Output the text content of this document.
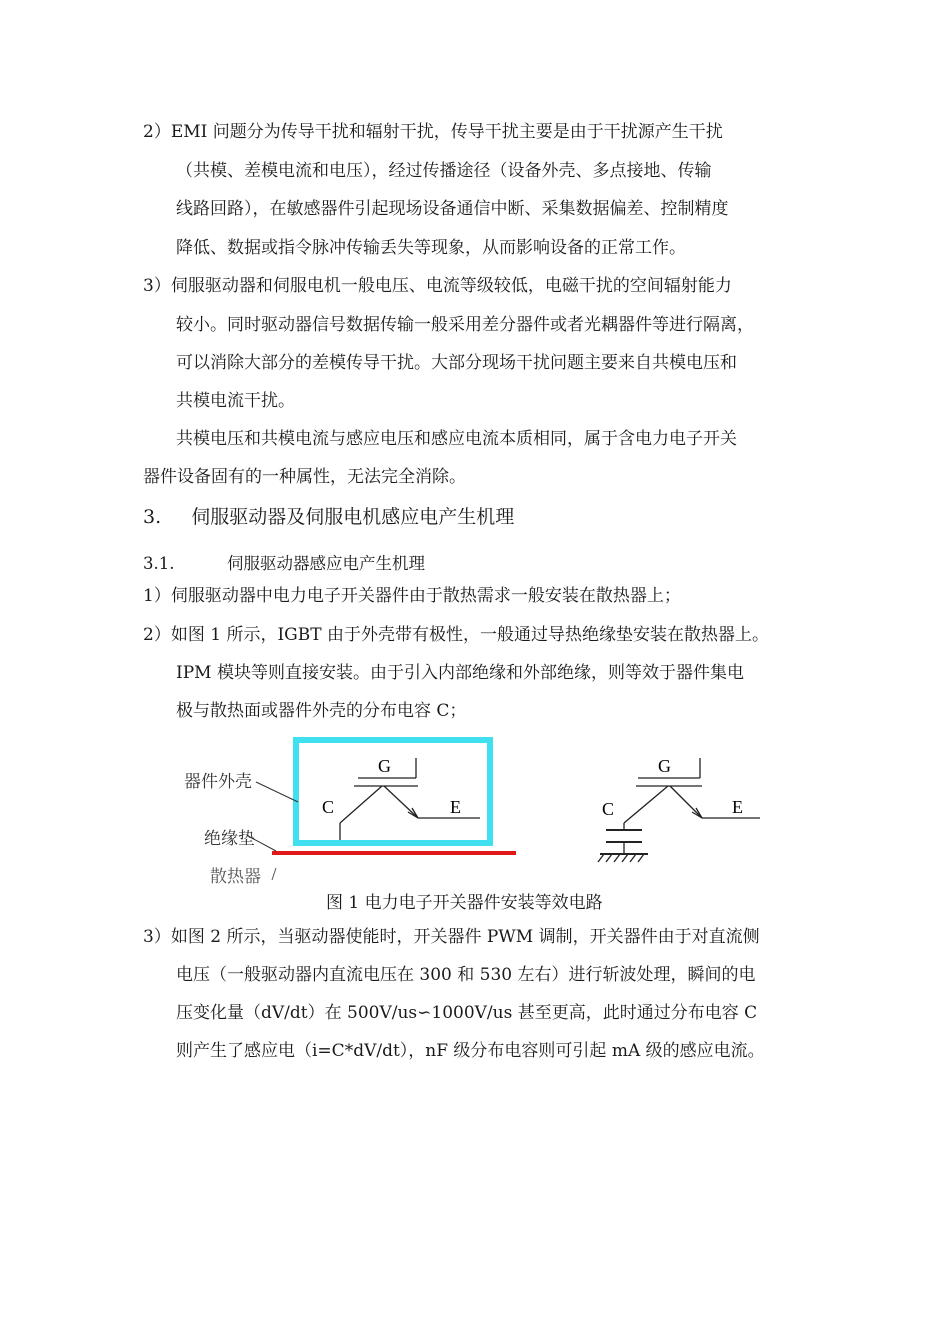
2）EMI 问题分为传导干扰和辐射干扰，传导干扰主要是由于干扰源产生干扰
（共模、差模电流和电压），经过传播途径（设备外壳、多点接地、传输
线路回路），在敏感器件引起现场设备通信中断、采集数据偏差、控制精度
降低、数据或指令脉冲传输丢失等现象，从而影响设备的正常工作。
3）伺服驱动器和伺服电机一般电压、电流等级较低，电磁干扰的空间辐射能力
较小。同时驱动器信号数据传输一般采用差分器件或者光耦器件等进行隔离，
可以消除大部分的差模传导干扰。大部分现场干扰问题主要来自共模电压和
共模电流干扰。
共模电压和共模电流与感应电压和感应电流本质相同，属于含电力电子开关
器件设备固有的一种属性，无法完全消除。
3. 伺服驱动器及伺服电机感应电产生机理
3.1.	伺服驱动器感应电产生机理
1）伺服驱动器中电力电子开关器件由于散热需求一般安装在散热器上；
2）如图 1 所示，IGBT 由于外壳带有极性，一般通过导热绝缘垫安装在散热器上。
IPM 模块等则直接安装。由于引入内部绝缘和外部绝缘，则等效于器件集电
极与散热面或器件外壳的分布电容 C；
器件外壳
绝缘垫
散热器
G
C	E
G
C	E
图 1 电力电子开关器件安装等效电路
3）如图 2 所示，当驱动器使能时，开关器件 PWM 调制，开关器件由于对直流侧
电压（一般驱动器内直流电压在 300 和 530 左右）进行斩波处理，瞬间的电
压变化量（dV/dt）在 500V/us∽1000V/us 甚至更高，此时通过分布电容 C
则产生了感应电（i=C*dV/dt），nF 级分布电容则可引起 mA 级的感应电流。
